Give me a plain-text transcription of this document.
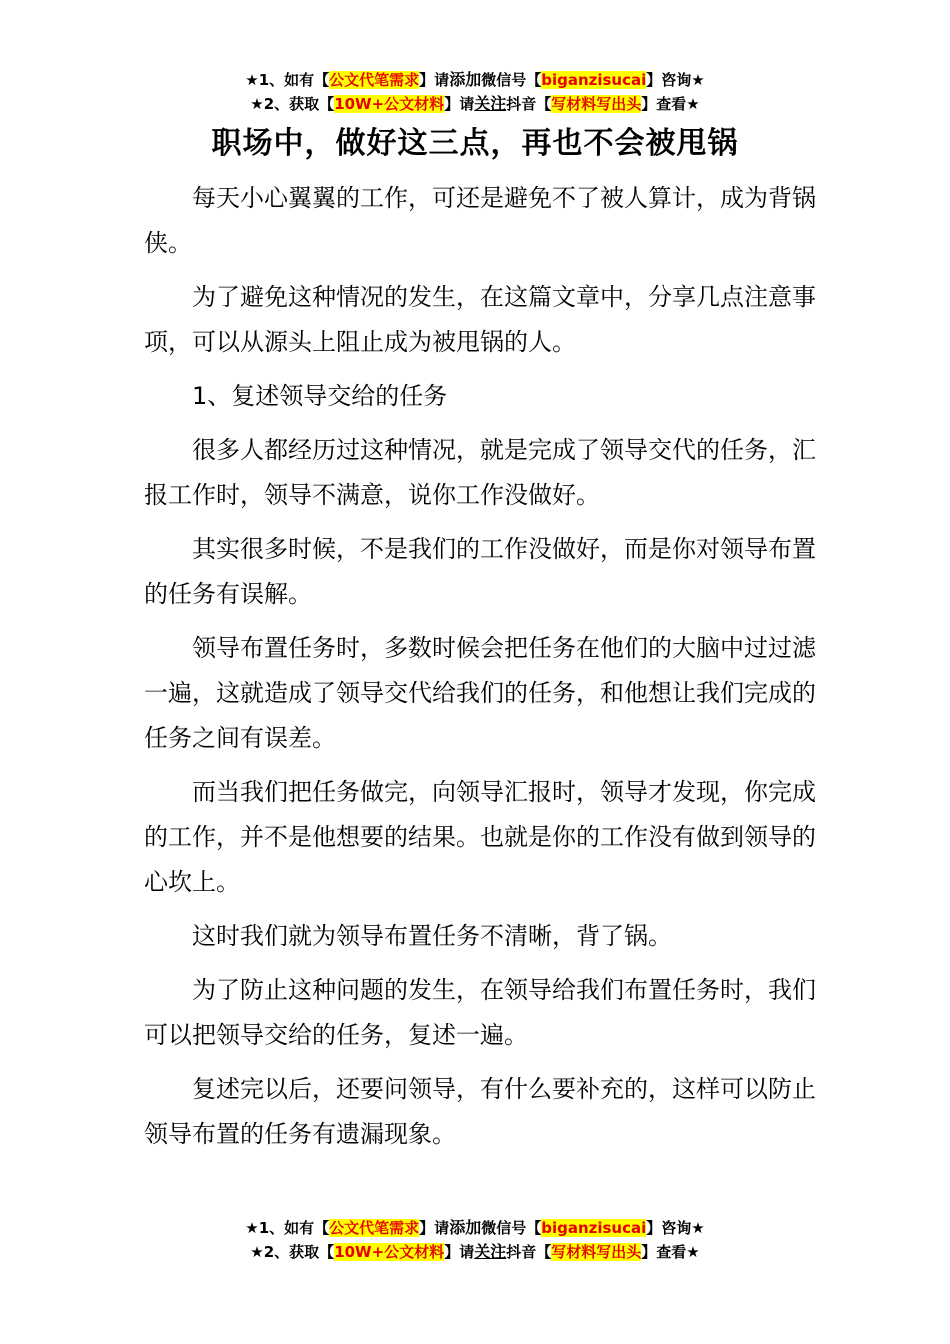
★1、如有【公文代笔需求】请添加微信号【biganzisucai】咨询★
★2、获取【10W+公文材料】请关注抖音【写材料写出头】查看★
职场中，做好这三点，再也不会被甩锅

每天小心翼翼的工作，可还是避免不了被人算计，成为背锅侠。

为了避免这种情况的发生，在这篇文章中，分享几点注意事项，可以从源头上阻止成为被甩锅的人。

1、复述领导交给的任务

很多人都经历过这种情况，就是完成了领导交代的任务，汇报工作时，领导不满意，说你工作没做好。

其实很多时候，不是我们的工作没做好，而是你对领导布置的任务有误解。

领导布置任务时，多数时候会把任务在他们的大脑中过过滤一遍，这就造成了领导交代给我们的任务，和他想让我们完成的任务之间有误差。

而当我们把任务做完，向领导汇报时，领导才发现，你完成的工作，并不是他想要的结果。也就是你的工作没有做到领导的心坎上。

这时我们就为领导布置任务不清晰，背了锅。

为了防止这种问题的发生，在领导给我们布置任务时，我们可以把领导交给的任务，复述一遍。

复述完以后，还要问领导，有什么要补充的，这样可以防止领导布置的任务有遗漏现象。

★1、如有【公文代笔需求】请添加微信号【biganzisucai】咨询★
★2、获取【10W+公文材料】请关注抖音【写材料写出头】查看★
